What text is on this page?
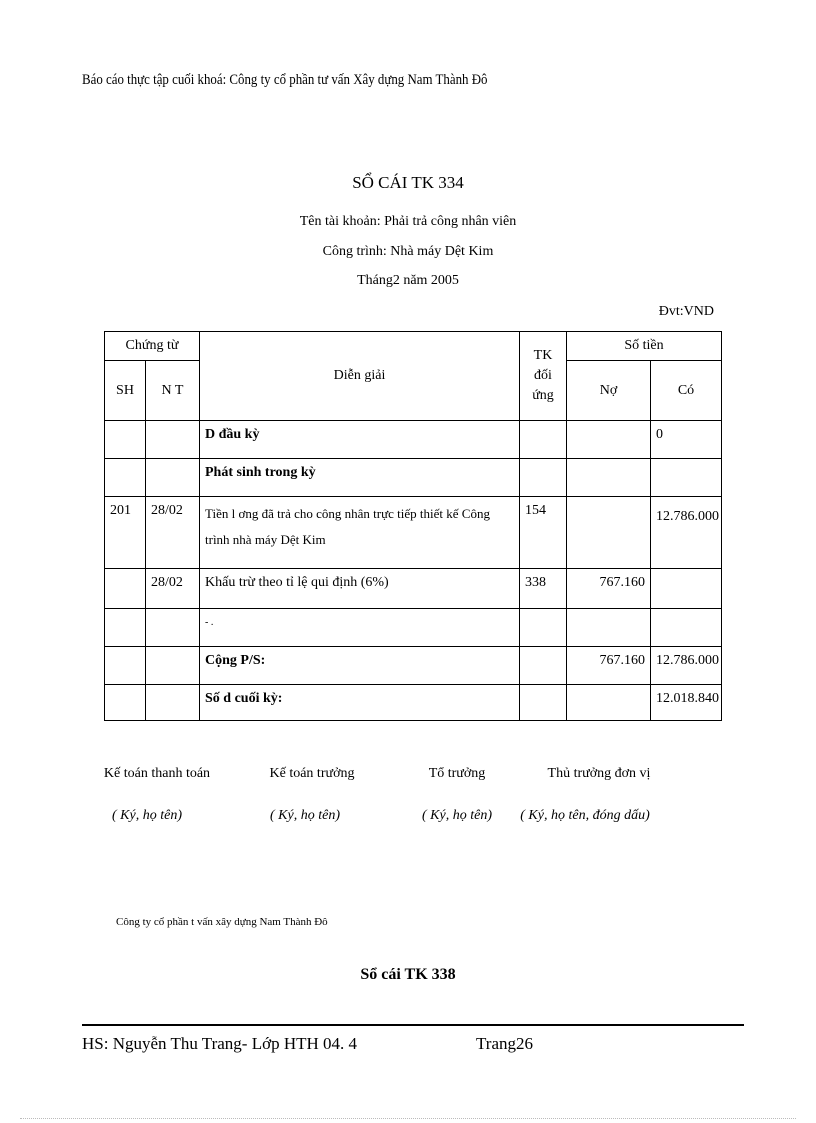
Báo cáo thực tập cuối khoá: Công ty cổ phần tư vấn Xây dựng Nam Thành Đô
SỔ CÁI TK 334
Tên tài khoản: Phải trả công nhân viên
Công trình: Nhà máy Dệt Kim
Tháng2 năm 2005
Đvt:VND
Chứng từ		Diễn giải	TK đối ứng	Số tiền	
SH	N T			Nợ	Có
		D đầu kỳ			0
		Phát sinh trong kỳ			
201	28/02	Tiền l ơng đã trả cho công nhân trực tiếp thiết kế Công trình nhà máy Dệt Kim	154		12.786.000
	28/02	Khấu trừ theo tỉ lệ qui định (6%)	338	767.160	
		- .			
		Cộng P/S:		767.160	12.786.000
		Số d cuối kỳ:			12.018.840
Kế toán thanh toán
( Ký, họ tên)
Kế toán trưởng
( Ký, họ tên)
Tổ trưởng
( Ký, họ tên)
Thủ trưởng đơn vị
( Ký, họ tên, đóng dấu)
Công ty cổ phần t vấn xây dựng Nam Thành Đô
Sổ cái TK 338
HS: Nguyễn Thu Trang- Lớp HTH 04. 4	Trang26
